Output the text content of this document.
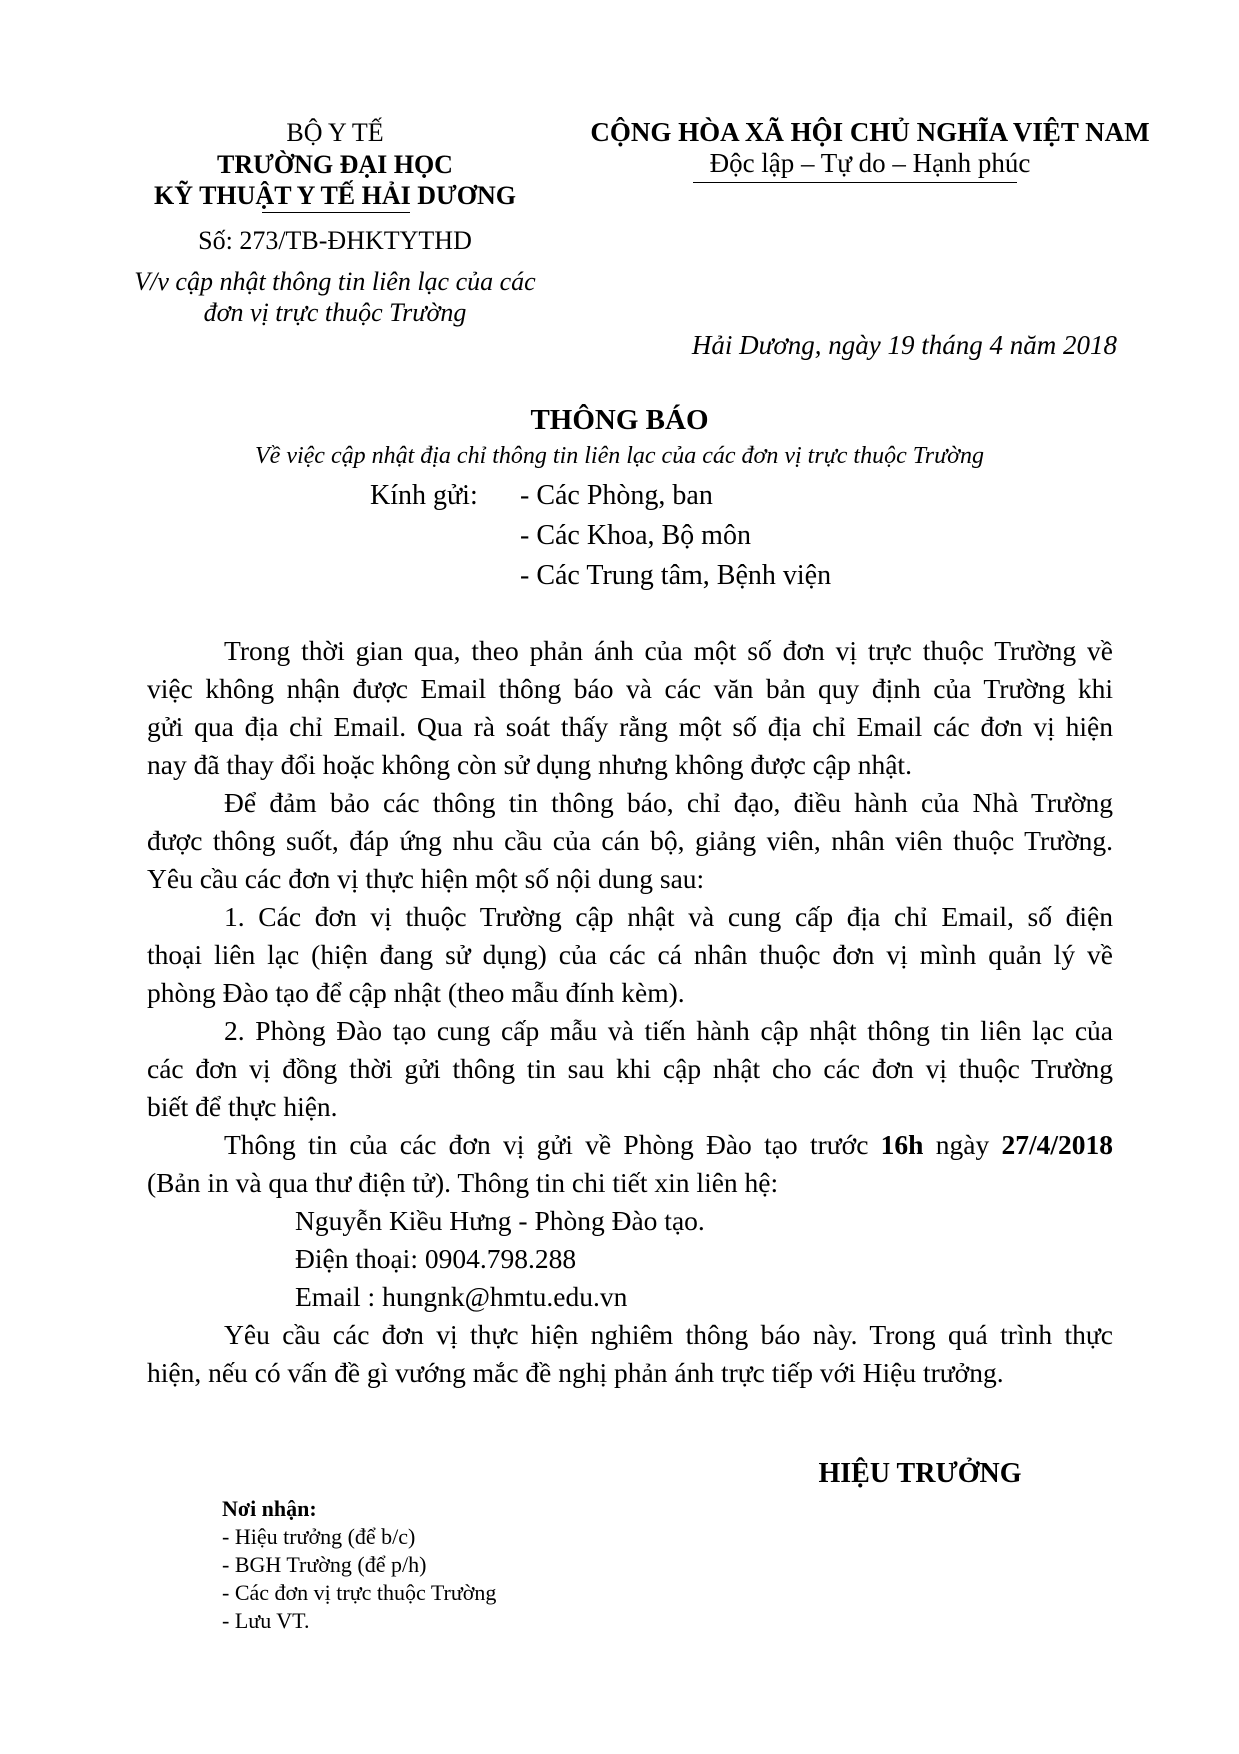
BỘ Y TẾ
TRƯỜNG ĐẠI HỌC
KỸ THUẬT Y TẾ HẢI DƯƠNG
Số: 273/TB-ĐHKTYTHD
V/v cập nhật thông tin liên lạc của các
đơn vị trực thuộc Trường
CỘNG HÒA XÃ HỘI CHỦ NGHĨA VIỆT NAM
Độc lập – Tự do – Hạnh phúc
Hải Dương, ngày 19 tháng 4 năm 2018
THÔNG BÁO
Về việc cập nhật địa chỉ thông tin liên lạc của các đơn vị trực thuộc Trường
Kính gửi: - Các Phòng, ban
- Các Khoa, Bộ môn
- Các Trung tâm, Bệnh viện
Trong thời gian qua, theo phản ánh của một số đơn vị trực thuộc Trường về
việc không nhận được Email thông báo và các văn bản quy định của Trường khi
gửi qua địa chỉ Email. Qua rà soát thấy rằng một số địa chỉ Email các đơn vị hiện
nay đã thay đổi hoặc không còn sử dụng nhưng không được cập nhật.
Để đảm bảo các thông tin thông báo, chỉ đạo, điều hành của Nhà Trường
được thông suốt, đáp ứng nhu cầu của cán bộ, giảng viên, nhân viên thuộc Trường.
Yêu cầu các đơn vị thực hiện một số nội dung sau:
1. Các đơn vị thuộc Trường cập nhật và cung cấp địa chỉ Email, số điện
thoại liên lạc (hiện đang sử dụng) của các cá nhân thuộc đơn vị mình quản lý về
phòng Đào tạo để cập nhật (theo mẫu đính kèm).
2. Phòng Đào tạo cung cấp mẫu và tiến hành cập nhật thông tin liên lạc của
các đơn vị đồng thời gửi thông tin sau khi cập nhật cho các đơn vị thuộc Trường
biết để thực hiện.
Thông tin của các đơn vị gửi về Phòng Đào tạo trước 16h ngày 27/4/2018
(Bản in và qua thư điện tử). Thông tin chi tiết xin liên hệ:
Nguyễn Kiều Hưng - Phòng Đào tạo.
Điện thoại: 0904.798.288
Email : hungnk@hmtu.edu.vn
Yêu cầu các đơn vị thực hiện nghiêm thông báo này. Trong quá trình thực
hiện, nếu có vấn đề gì vướng mắc đề nghị phản ánh trực tiếp với Hiệu trưởng.
HIỆU TRƯỞNG
Nơi nhận:
- Hiệu trưởng (để b/c)
- BGH Trường (để p/h)
- Các đơn vị trực thuộc Trường
- Lưu VT.
